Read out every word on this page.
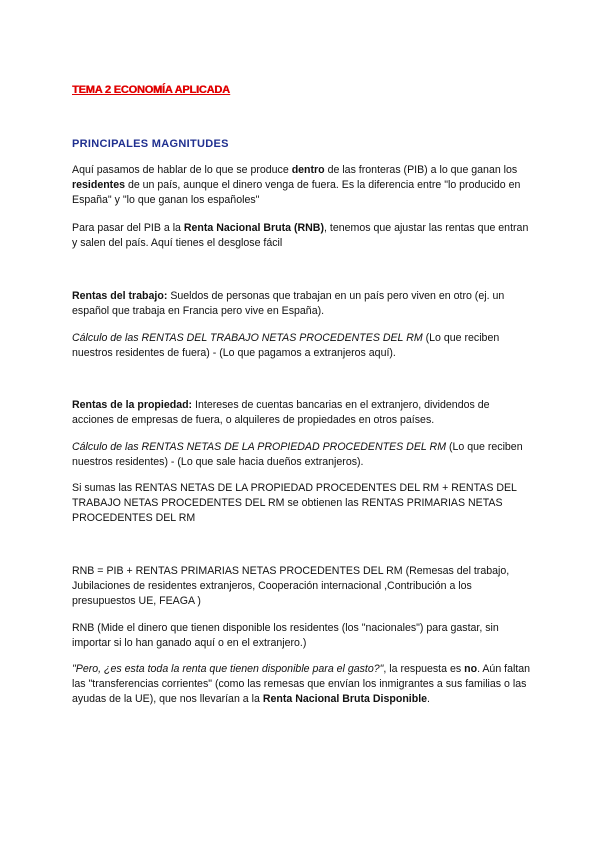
TEMA 2 ECONOMÍA APLICADA
PRINCIPALES MAGNITUDES

Aquí pasamos de hablar de lo que se produce dentro de las fronteras (PIB) a lo que ganan los residentes de un país, aunque el dinero venga de fuera. Es la diferencia entre "lo producido en España" y "lo que ganan los españoles"

Para pasar del PIB a la Renta Nacional Bruta (RNB), tenemos que ajustar las rentas que entran y salen del país. Aquí tienes el desglose fácil

Rentas del trabajo: Sueldos de personas que trabajan en un país pero viven en otro (ej. un español que trabaja en Francia pero vive en España).

Cálculo de las RENTAS DEL TRABAJO NETAS PROCEDENTES DEL RM (Lo que reciben nuestros residentes de fuera) - (Lo que pagamos a extranjeros aquí).

Rentas de la propiedad: Intereses de cuentas bancarias en el extranjero, dividendos de acciones de empresas de fuera, o alquileres de propiedades en otros países.

Cálculo de las RENTAS NETAS DE LA PROPIEDAD PROCEDENTES DEL RM (Lo que reciben nuestros residentes) - (Lo que sale hacia dueños extranjeros).

Si sumas las RENTAS NETAS DE LA PROPIEDAD PROCEDENTES DEL RM + RENTAS DEL TRABAJO NETAS PROCEDENTES DEL RM se obtienen las RENTAS PRIMARIAS NETAS PROCEDENTES DEL RM

RNB = PIB + RENTAS PRIMARIAS NETAS PROCEDENTES DEL RM (Remesas del trabajo, Jubilaciones de residentes extranjeros, Cooperación internacional ,Contribución a los presupuestos UE, FEAGA )

RNB (Mide el dinero que tienen disponible los residentes (los "nacionales") para gastar, sin importar si lo han ganado aquí o en el extranjero.)

"Pero, ¿es esta toda la renta que tienen disponible para el gasto?", la respuesta es no. Aún faltan las "transferencias corrientes" (como las remesas que envían los inmigrantes a sus familias o las ayudas de la UE), que nos llevarían a la Renta Nacional Bruta Disponible.
